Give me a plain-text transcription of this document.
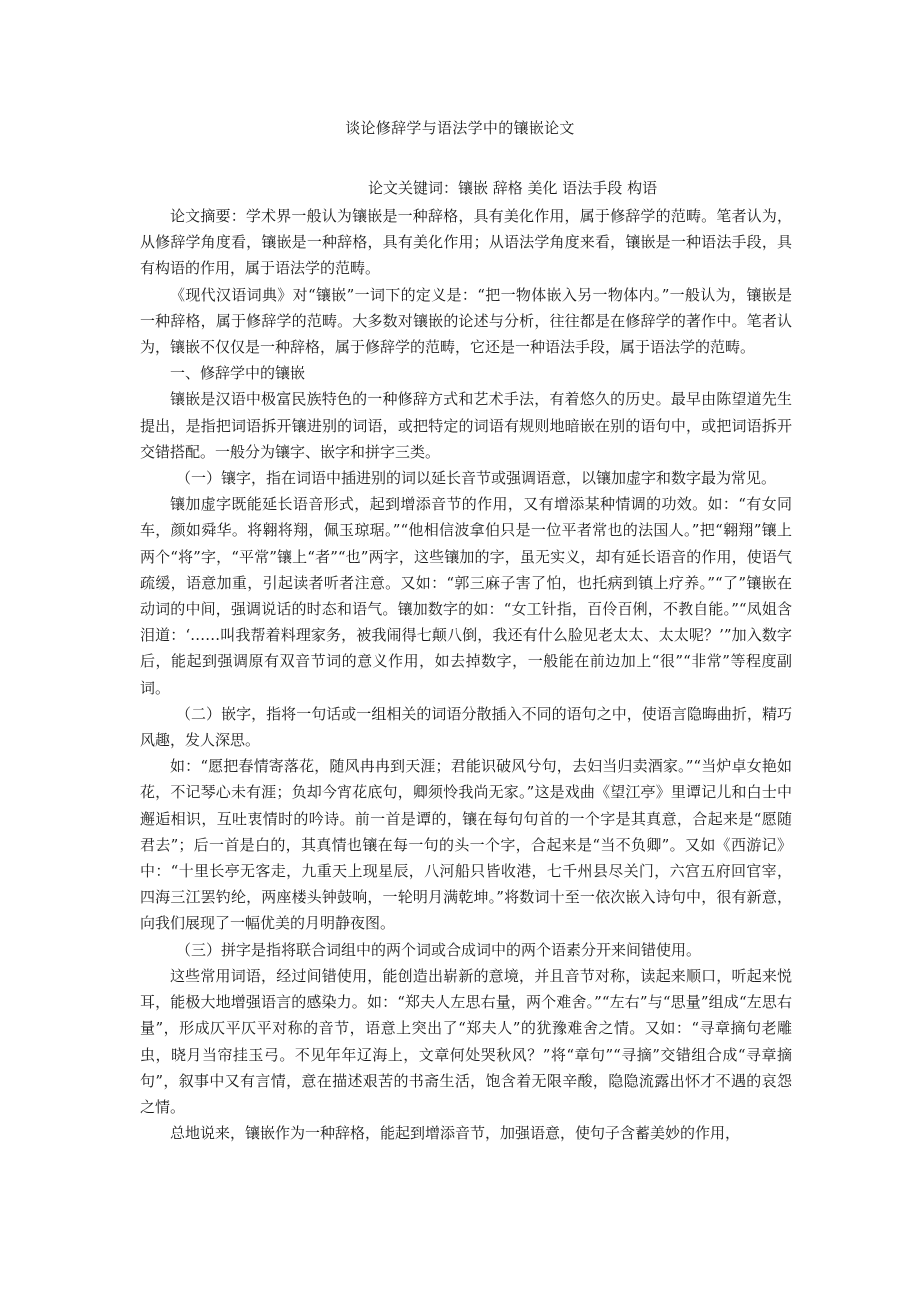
谈论修辞学与语法学中的镶嵌论文
论文关键词：镶嵌 辞格 美化 语法手段 构语

论文摘要：学术界一般认为镶嵌是一种辞格，具有美化作用，属于修辞学的范畴。笔者认为，从修辞学角度看，镶嵌是一种辞格，具有美化作用；从语法学角度来看，镶嵌是一种语法手段，具有构语的作用，属于语法学的范畴。

《现代汉语词典》对“镶嵌”一词下的定义是：“把一物体嵌入另一物体内。”一般认为，镶嵌是一种辞格，属于修辞学的范畴。大多数对镶嵌的论述与分析，往往都是在修辞学的著作中。笔者认为，镶嵌不仅仅是一种辞格，属于修辞学的范畴，它还是一种语法手段，属于语法学的范畴。

一、修辞学中的镶嵌

镶嵌是汉语中极富民族特色的一种修辞方式和艺术手法，有着悠久的历史。最早由陈望道先生提出，是指把词语拆开镶进别的词语，或把特定的词语有规则地暗嵌在别的语句中，或把词语拆开交错搭配。一般分为镶字、嵌字和拼字三类。

（一）镶字，指在词语中插进别的词以延长音节或强调语意，以镶加虚字和数字最为常见。

镶加虚字既能延长语音形式，起到增添音节的作用，又有增添某种情调的功效。如：“有女同车，颜如舜华。将翱将翔，佩玉琼琚。”“他相信波拿伯只是一位平者常也的法国人。”把“翱翔”镶上两个“将”字，“平常”镶上“者”“也”两字，这些镶加的字，虽无实义，却有延长语音的作用，使语气疏缓，语意加重，引起读者听者注意。又如：“郭三麻子害了怕，也托病到镇上疗养。”“了”镶嵌在动词的中间，强调说话的时态和语气。镶加数字的如：“女工针指，百伶百俐，不教自能。”“凤姐含泪道：‘……叫我帮着料理家务，被我闹得七颠八倒，我还有什么脸见老太太、太太呢？’”加入数字后，能起到强调原有双音节词的意义作用，如去掉数字，一般能在前边加上“很”“非常”等程度副词。

（二）嵌字，指将一句话或一组相关的词语分散插入不同的语句之中，使语言隐晦曲折，精巧风趣，发人深思。

如：“愿把春情寄落花，随风冉冉到天涯；君能识破风兮句，去妇当归卖酒家。”“当炉卓女艳如花，不记琴心未有涯；负却今宵花底句，卿须怜我尚无家。”这是戏曲《望江亭》里谭记儿和白士中邂逅相识，互吐衷情时的吟诗。前一首是谭的，镶在每句句首的一个字是其真意，合起来是“愿随君去”；后一首是白的，其真情也镶在每一句的头一个字，合起来是“当不负卿”。又如《西游记》中：“十里长亭无客走，九重天上现星辰，八河船只皆收港，七千州县尽关门，六宫五府回官宰，四海三江罢钓纶，两座楼头钟鼓响，一轮明月满乾坤。”将数词十至一依次嵌入诗句中，很有新意，向我们展现了一幅优美的月明静夜图。

（三）拼字是指将联合词组中的两个词或合成词中的两个语素分开来间错使用。

这些常用词语，经过间错使用，能创造出崭新的意境，并且音节对称，读起来顺口，听起来悦耳，能极大地增强语言的感染力。如：“郑夫人左思右量，两个难舍。”“左右”与“思量”组成“左思右量”，形成仄平仄平对称的音节，语意上突出了“郑夫人”的犹豫难舍之情。又如：“寻章摘句老雕虫，晓月当帘挂玉弓。不见年年辽海上，文章何处哭秋风？”将“章句”“寻摘”交错组合成“寻章摘句”，叙事中又有言情，意在描述艰苦的书斋生活，饱含着无限辛酸，隐隐流露出怀才不遇的哀怨之情。

总地说来，镶嵌作为一种辞格，能起到增添音节，加强语意，使句子含蓄美妙的作用，
